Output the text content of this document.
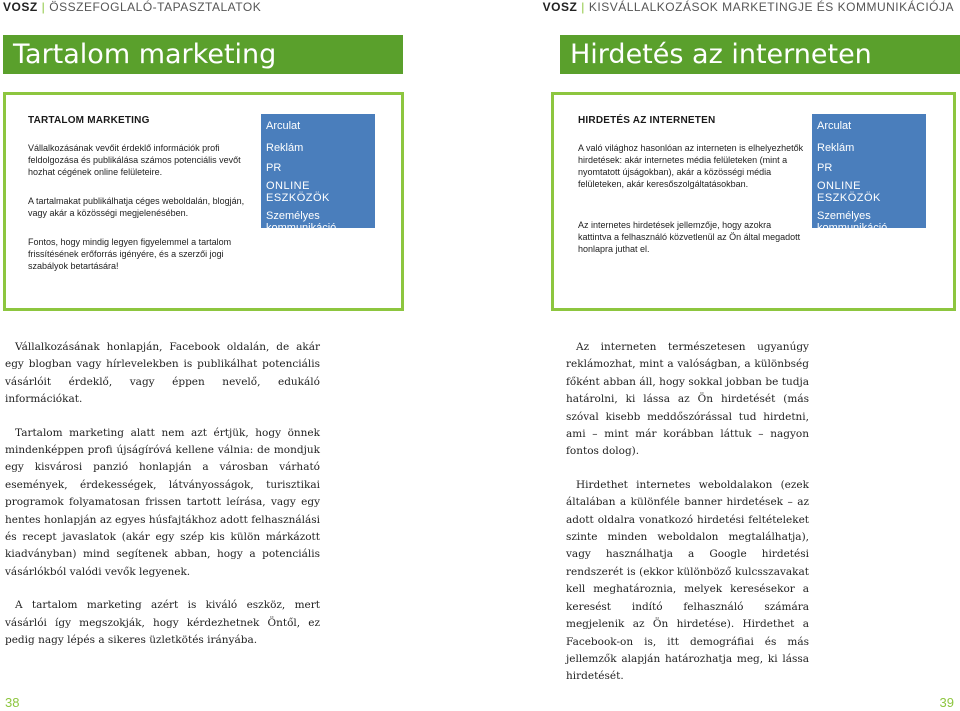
VOSZ | ÖSSZEFOGLALÓ-TAPASZTALATOK
Tartalom marketing
TARTALOM MARKETING
Vállalkozásának vevőit érdeklő információk profi feldolgozása és publikálása számos potenciális vevőt hozhat cégének online felületeire.
A tartalmakat publikálhatja céges weboldalán, blogján, vagy akár a közösségi megjelenésében.
Fontos, hogy mindig legyen figyelemmel a tartalom frissítésének erőforrás igényére, és a szerzői jogi szabályok betartására!
Arculat
Reklám
PR
ONLINE ESZKÖZÖK
Személyes kommunikáció

Vállalkozásának honlapján, Facebook oldalán, de akár egy blogban vagy hírlevelekben is publikálhat potenciális vásárlóit érdeklő, vagy éppen nevelő, edukáló információkat.

Tartalom marketing alatt nem azt értjük, hogy önnek mindenképpen profi újságíróvá kellene válnia: de mondjuk egy kisvárosi panzió honlapján a városban várható események, érdekességek, látványosságok, turisztikai programok folyamatosan frissen tartott leírása, vagy egy hentes honlapján az egyes húsfajtákhoz adott felhasználási és recept javaslatok (akár egy szép kis külön márkázott kiadványban) mind segítenek abban, hogy a potenciális vásárlókból valódi vevők legyenek.

A tartalom marketing azért is kiváló eszköz, mert vásárlói így megszokják, hogy kérdezhetnek Öntől, ez pedig nagy lépés a sikeres üzletkötés irányába.

38
VOSZ | KISVÁLLALKOZÁSOK MARKETINGJE ÉS KOMMUNIKÁCIÓJA
Hirdetés az interneten
HIRDETÉS AZ INTERNETEN
A való világhoz hasonlóan az interneten is elhelyezhetők hirdetések: akár internetes média felületeken (mint a nyomtatott újságokban), akár a közösségi média felületeken, akár keresőszolgáltatásokban.
Az internetes hirdetések jellemzője, hogy azokra kattintva a felhasználó közvetlenül az Ön által megadott honlapra juthat el.
Arculat
Reklám
PR
ONLINE ESZKÖZÖK
Személyes kommunikáció

Az interneten természetesen ugyanúgy reklámozhat, mint a valóságban, a különbség főként abban áll, hogy sokkal jobban be tudja határolni, ki lássa az Ön hirdetését (más szóval kisebb meddőszórással tud hirdetni, ami – mint már korábban láttuk – nagyon fontos dolog).

Hirdethet internetes weboldalakon (ezek általában a különféle banner hirdetések – az adott oldalra vonatkozó hirdetési feltételeket szinte minden weboldalon megtalálhatja), vagy használhatja a Google hirdetési rendszerét is (ekkor különböző kulcsszavakat kell meghatároznia, melyek keresésekor a keresést indító felhasználó számára megjelenik az Ön hirdetése). Hirdethet a Facebook-on is, itt demográfiai és más jellemzők alapján határozhatja meg, ki lássa hirdetését.

39
